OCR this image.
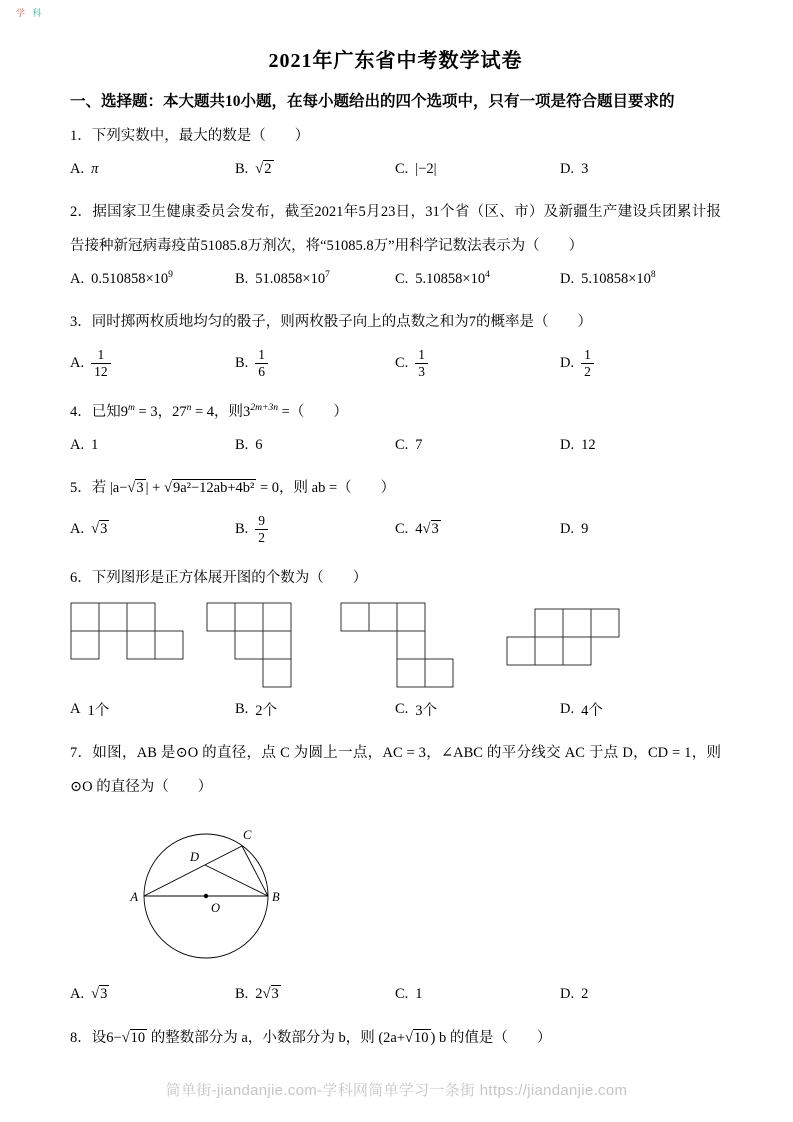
学 科
2021年广东省中考数学试卷
一、选择题：本大题共10小题，在每小题给出的四个选项中，只有一项是符合题目要求的

1．下列实数中，最大的数是（　　）

A. π	B.	√ 2	C. |−2|	D. 3

2．据国家卫生健康委员会发布，截至2021年5月23日，31个省（区、市）及新疆生产建设兵团累计报告接种新冠病毒疫苗51085.8万剂次，将“51085.8万”用科学记数法表示为（　　）

A. $0.510858\times 10^9$	B. $51.0858\times 10^7$	C. $5.10858\times 10^4$	D. $5.10858\times 10^8$

3．同时掷两枚质地均匀的骰子，则两枚骰子向上的点数之和为7的概率是（　　）

A. $\frac{1}{12}$	B. $\frac{1}{6}$	C. $\frac{1}{3}$	D. $\frac{1}{2}$

4．已知$9^m = 3$，$27^n = 4$，则$3^{2m+3n}$ =（　　）

A. 1	B. 6	C. 7	D. 12

5．若 |a− √ 3 | + √ 9a²−12ab+4b² = 0，则 ab =（　　）

A.	√ 3	B. $\frac{9}{2}$	C. 4 √ 3	D. 9

6．下列图形是正方体展开图的个数为（　　）

A 1个	B. 2个	C. 3个	D. 4个

7．如图，AB 是⊙O 的直径，点 C 为圆上一点，AC = 3，∠ABC 的平分线交 AC 于点 D，CD = 1，则⊙O 的直径为（　　）

A	B
C
D
O
A.	√ 3	B. 2 √ 3	C. 1	D. 2

8．设6− √ 10 的整数部分为 a，小数部分为 b，则 (2a+ √ 10 ) b 的值是（　　）

简单街-jiandanjie.com-学科网简单学习一条街 https://jiandanjie.com
